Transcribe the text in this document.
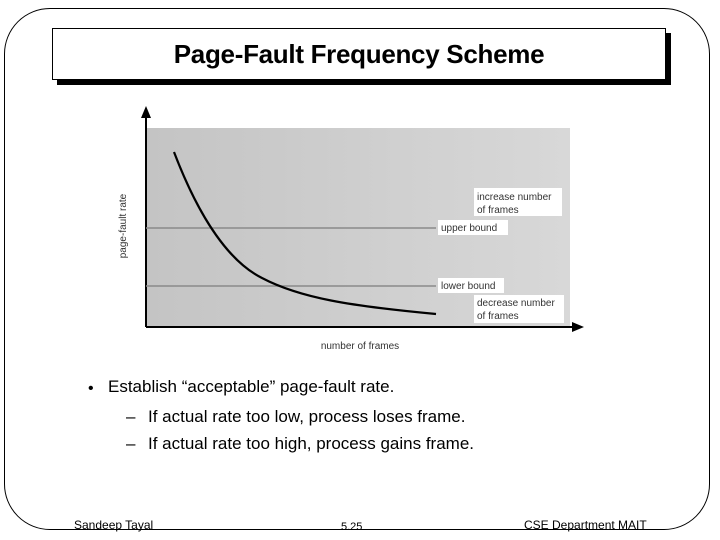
Page-Fault Frequency Scheme
increase number
of frames
upper bound
lower bound
decrease number
of frames
page-fault rate
number of frames
• Establish “acceptable” page-fault rate.
– If actual rate too low, process loses frame.
– If actual rate too high, process gains frame.
Sandeep Tayal	5.25	CSE Department MAIT
